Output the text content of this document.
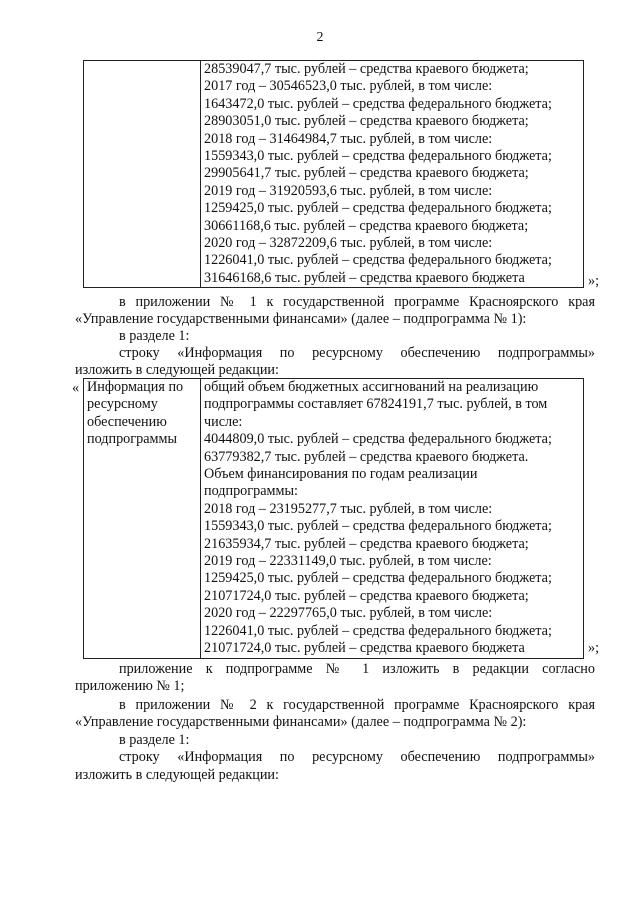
2

28539047,7 тыс. рублей – средства краевого бюджета;
2017 год – 30546523,0 тыс. рублей, в том числе:
1643472,0 тыс. рублей – средства федерального бюджета;
28903051,0 тыс. рублей – средства краевого бюджета;
2018 год – 31464984,7 тыс. рублей, в том числе:
1559343,0 тыс. рублей – средства федерального бюджета;
29905641,7 тыс. рублей – средства краевого бюджета;
2019 год – 31920593,6 тыс. рублей, в том числе:
1259425,0 тыс. рублей – средства федерального бюджета;
30661168,6 тыс. рублей – средства краевого бюджета;
2020 год – 32872209,6 тыс. рублей, в том числе:
1226041,0 тыс. рублей – средства федерального бюджета;
31646168,6 тыс. рублей – средства краевого бюджета	»;
в приложении № 1 к государственной программе Красноярского края
«Управление государственными финансами» (далее – подпрограмма № 1):
в разделе 1:
строку «Информация по ресурсному обеспечению подпрограммы»
изложить в следующей редакции:
« Информация по
ресурсному
обеспечению
подпрограммы

общий объем бюджетных ассигнований на реализацию
подпрограммы составляет 67824191,7 тыс. рублей, в том
числе:
4044809,0 тыс. рублей – средства федерального бюджета;
63779382,7 тыс. рублей – средства краевого бюджета.
Объем финансирования по годам реализации
подпрограммы:
2018 год – 23195277,7 тыс. рублей, в том числе:
1559343,0 тыс. рублей – средства федерального бюджета;
21635934,7 тыс. рублей – средства краевого бюджета;
2019 год – 22331149,0 тыс. рублей, в том числе:
1259425,0 тыс. рублей – средства федерального бюджета;
21071724,0 тыс. рублей – средства краевого бюджета;
2020 год – 22297765,0 тыс. рублей, в том числе:
1226041,0 тыс. рублей – средства федерального бюджета;
21071724,0 тыс. рублей – средства краевого бюджета	»;
приложение к подпрограмме № 1 изложить в редакции согласно
приложению № 1;
в приложении № 2 к государственной программе Красноярского края
«Управление государственными финансами» (далее – подпрограмма № 2):
в разделе 1:
строку «Информация по ресурсному обеспечению подпрограммы»
изложить в следующей редакции:
